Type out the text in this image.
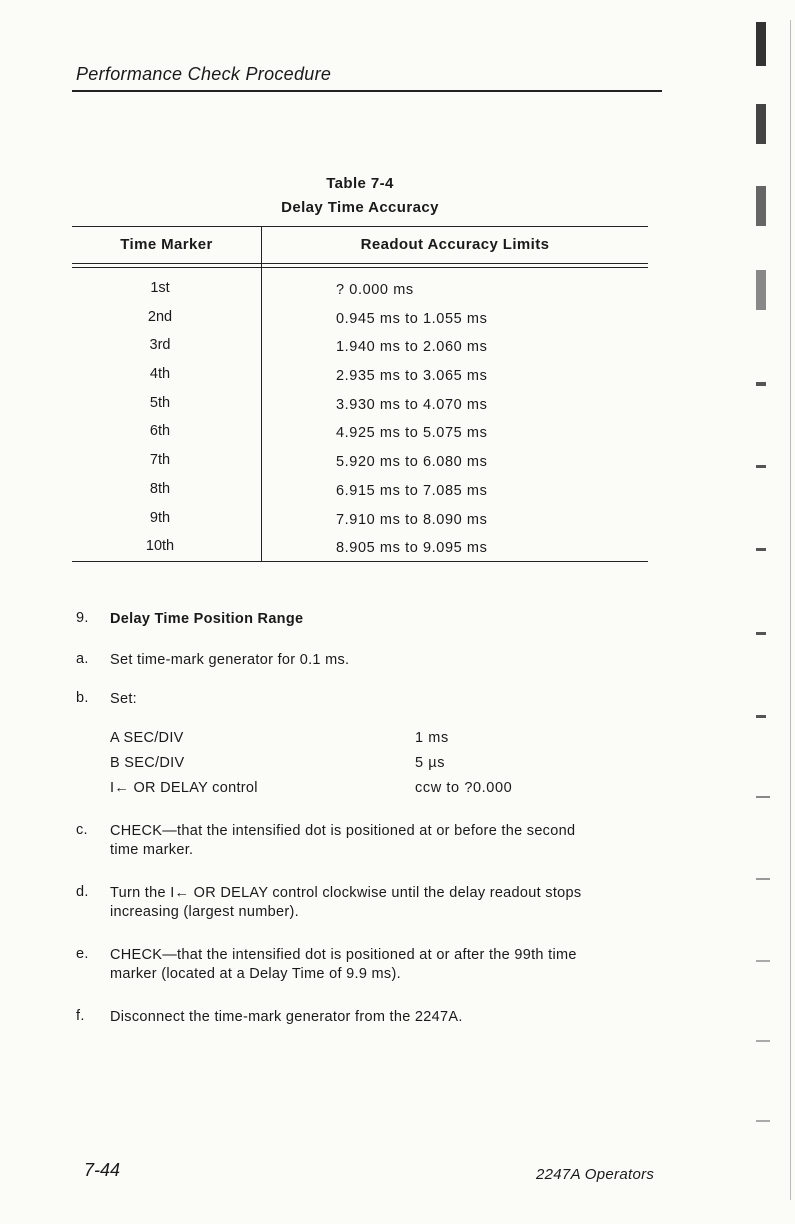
Performance Check Procedure
Table 7-4
Delay Time Accuracy
Time Marker	Readout Accuracy Limits
1st	? 0.000 ms
2nd	0.945 ms to 1.055 ms
3rd	1.940 ms to 2.060 ms
4th	2.935 ms to 3.065 ms
5th	3.930 ms to 4.070 ms
6th	4.925 ms to 5.075 ms
7th	5.920 ms to 6.080 ms
8th	6.915 ms to 7.085 ms
9th	7.910 ms to 8.090 ms
10th	8.905 ms to 9.095 ms
9.	Delay Time Position Range
a.	Set time-mark generator for 0.1 ms.
b.	Set:
A SEC/DIV	1 ms
B SEC/DIV	5 µs
I← OR DELAY control	ccw to ?0.000
c.	CHECK—that the intensified dot is positioned at or before the second
time marker.
d.	Turn the I← OR DELAY control clockwise until the delay readout stops
increasing (largest number).
e.	CHECK—that the intensified dot is positioned at or after the 99th time
marker (located at a Delay Time of 9.9 ms).
f.	Disconnect the time-mark generator from the 2247A.
7-44	2247A Operators
